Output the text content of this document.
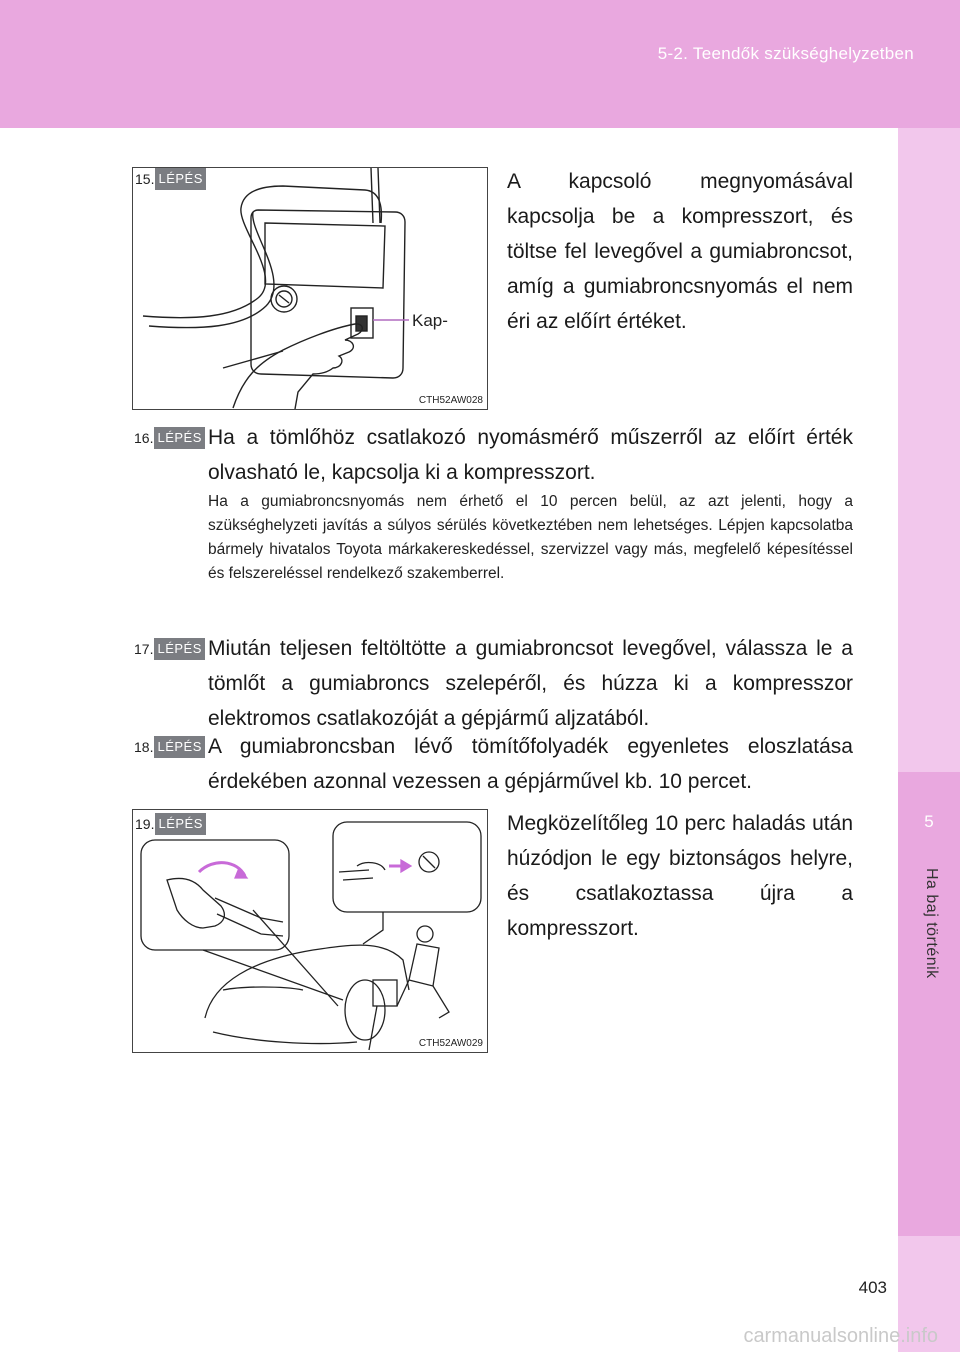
5-2. Teendők szükséghelyzetben
5
Ha baj történik
Kap-
CTH52AW028
15. LÉPÉS	A kapcsoló megnyomásával kapcsolja be a kompresszort, és töltse fel levegővel a gumiabroncsot, amíg a gumiabroncsnyomás el nem éri az előírt értéket.
16. LÉPÉS Ha a tömlőhöz csatlakozó nyomásmérő műszerről az előírt érték olvasható le, kapcsolja ki a kompresszort.
Ha a gumiabroncsnyomás nem érhető el 10 percen belül, az azt jelenti, hogy a szükséghelyzeti javítás a súlyos sérülés következtében nem lehetséges. Lépjen kapcsolatba bármely hivatalos Toyota márkakereskedéssel, szervizzel vagy más, megfelelő képesítéssel és felszereléssel rendelkező szakemberrel.
17. LÉPÉS Miután teljesen feltöltötte a gumiabroncsot levegővel, válassza le a tömlőt a gumiabroncs szelepéről, és húzza ki a kompresszor elektromos csatlakozóját a gépjármű aljzatából.
18. LÉPÉS A gumiabroncsban lévő tömítőfolyadék egyenletes eloszlatása érdekében azonnal vezessen a gépjárművel kb. 10 percet.
CTH52AW029
19. LÉPÉS	Megközelítőleg 10 perc haladás után húzódjon le egy biztonságos helyre, és csatlakoztassa újra a kompresszort.
403
carmanualsonline.info
